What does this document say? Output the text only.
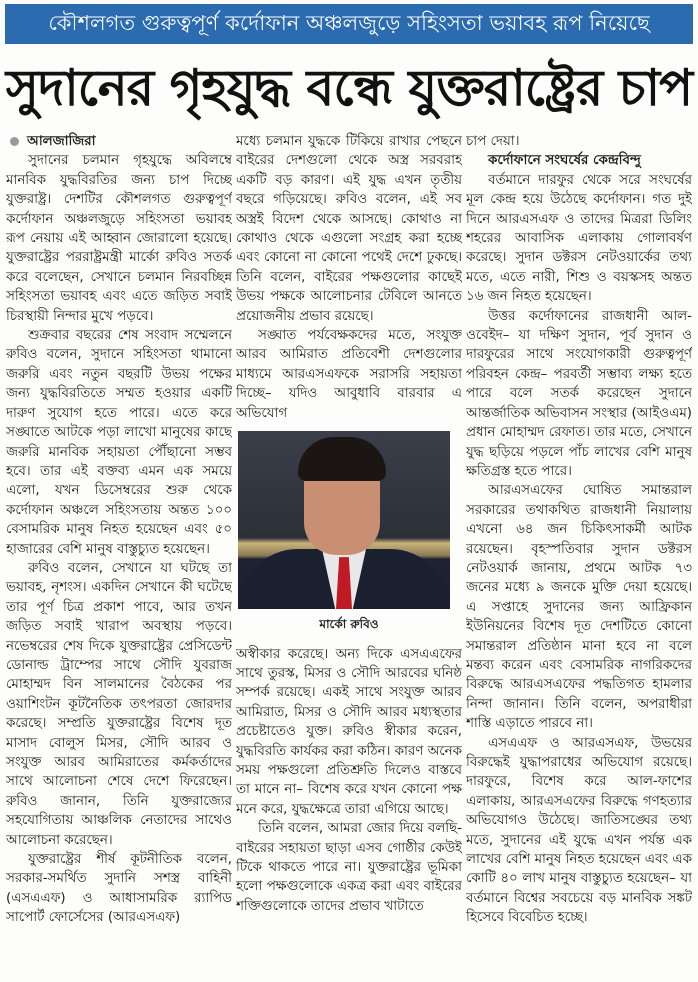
কৌশলগত গুরুত্বপূর্ণ কর্দোফান অঞ্চলজুড়ে সহিংসতা ভয়াবহ রূপ নিয়েছে
সুদানের গৃহযুদ্ধ বন্ধে যুক্তরাষ্ট্রের চাপ
আলজাজিরা

সুদানের চলমান গৃহযুদ্ধে অবিলম্বে মানবিক যুদ্ধবিরতির জন্য চাপ দিচ্ছে যুক্তরাষ্ট্র। দেশটির কৌশলগত গুরুত্বপূর্ণ কর্দোফান অঞ্চলজুড়ে সহিংসতা ভয়াবহ রূপ নেয়ায় এই আহ্বান জোরালো হয়েছে। যুক্তরাষ্ট্রের পররাষ্ট্রমন্ত্রী মার্কো রুবিও সতর্ক করে বলেছেন, সেখানে চলমান নিরবচ্ছিন্ন সহিংসতা ভয়াবহ এবং এতে জড়িত সবাই চিরস্থায়ী নিন্দার মুখে পড়বে।

শুক্রবার বছরের শেষ সংবাদ সম্মেলনে রুবিও বলেন, সুদানে সহিংসতা থামানো জরুরি এবং নতুন বছরটি উভয় পক্ষের জন্য যুদ্ধবিরতিতে সম্মত হওয়ার একটি দারুণ সুযোগ হতে পারে। এতে করে সঙ্ঘাতে আটকে পড়া লাখো মানুষের কাছে জরুরি মানবিক সহায়তা পৌঁছানো সম্ভব হবে। তার এই বক্তব্য এমন এক সময়ে এলো, যখন ডিসেম্বরের শুরু থেকে কর্দোফান অঞ্চলে সহিংসতায় অন্তত ১০০ বেসামরিক মানুষ নিহত হয়েছেন এবং ৫০ হাজারের বেশি মানুষ বাস্তুচ্যুত হয়েছেন।

রুবিও বলেন, সেখানে যা ঘটছে তা ভয়াবহ, নৃশংস। একদিন সেখানে কী ঘটেছে তার পূর্ণ চিত্র প্রকাশ পাবে, আর তখন জড়িত সবাই খারাপ অবস্থায় পড়বে। নভেম্বরের শেষ দিকে যুক্তরাষ্ট্রের প্রেসিডেন্ট ডোনাল্ড ট্রাম্পের সাথে সৌদি যুবরাজ মোহাম্মদ বিন সালমানের বৈঠকের পর ওয়াশিংটন কূটনৈতিক তৎপরতা জোরদার করেছে। সম্প্রতি যুক্তরাষ্ট্রের বিশেষ দূত মাসাদ বোলুস মিসর, সৌদি আরব ও সংযুক্ত আরব আমিরাতের কর্মকর্তাদের সাথে আলোচনা শেষে দেশে ফিরেছেন। রুবিও জানান, তিনি যুক্তরাজ্যের সহযোগিতায় আঞ্চলিক নেতাদের সাথেও আলোচনা করেছেন।

যুক্তরাষ্ট্রের শীর্ষ কূটনীতিক বলেন, সরকার-সমর্থিত সুদানি সশস্ত্র বাহিনী (এসএএফ) ও আধাসামরিক র‍্যাপিড সাপোর্ট ফোর্সেসের (আরএসএফ)

মধ্যে চলমান যুদ্ধকে টিকিয়ে রাখার পেছনে বাইরের দেশগুলো থেকে অস্ত্র সরবরাহ একটি বড় কারণ। এই যুদ্ধ এখন তৃতীয় বছরে গড়িয়েছে। রুবিও বলেন, এই সব অস্ত্রই বিদেশ থেকে আসছে। কোথাও না কোথাও থেকে এগুলো সংগ্রহ করা হচ্ছে এবং কোনো না কোনো পথেই দেশে ঢুকছে। তিনি বলেন, বাইরের পক্ষগুলোর কাছেই উভয় পক্ষকে আলোচনার টেবিলে আনতে প্রয়োজনীয় প্রভাব রয়েছে।

সঙ্ঘাত পর্যবেক্ষকদের মতে, সংযুক্ত আরব আমিরাত প্রতিবেশী দেশগুলোর মাধ্যমে আরএসএফকে সরাসরি সহায়তা দিচ্ছে– যদিও আবুধাবি বারবার এ অভিযোগ

মার্কো রুবিও

অস্বীকার করেছে। অন্য দিকে এসএএফের সাথে তুরস্ক, মিসর ও সৌদি আরবের ঘনিষ্ঠ সম্পর্ক রয়েছে। একই সাথে সংযুক্ত আরব আমিরাত, মিসর ও সৌদি আরব মধ্যস্থতার প্রচেষ্টাতেও যুক্ত। রুবিও স্বীকার করেন, যুদ্ধবিরতি কার্যকর করা কঠিন। কারণ অনেক সময় পক্ষগুলো প্রতিশ্রুতি দিলেও বাস্তবে তা মানে না– বিশেষ করে যখন কোনো পক্ষ মনে করে, যুদ্ধক্ষেত্রে তারা এগিয়ে আছে।

তিনি বলেন, আমরা জোর দিয়ে বলছি-বাইরের সহায়তা ছাড়া এসব গোষ্ঠীর কেউই টিকে থাকতে পারে না। যুক্তরাষ্ট্রের ভূমিকা হলো পক্ষগুলোকে একত্র করা এবং বাইরের শক্তিগুলোকে তাদের প্রভাব খাটাতে

চাপ দেয়া।

কর্দোফানে সংঘর্ষের কেন্দ্রবিন্দু

বর্তমানে দারফুর থেকে সরে সংঘর্ষের মূল কেন্দ্র হয়ে উঠেছে কর্দোফান। গত দুই দিনে আরএসএফ ও তাদের মিত্ররা ডিলিং শহরের আবাসিক এলাকায় গোলাবর্ষণ করেছে। সুদান ডক্টরস নেটওয়ার্কের তথ্য মতে, এতে নারী, শিশু ও বয়স্কসহ অন্তত ১৬ জন নিহত হয়েছেন।

উত্তর কর্দোফানের রাজধানী আল-ওবেইদ– যা দক্ষিণ সুদান, পূর্ব সুদান ও দারফুরের সাথে সংযোগকারী গুরুত্বপূর্ণ পরিবহন কেন্দ্র– পরবর্তী সম্ভাব্য লক্ষ্য হতে পারে বলে সতর্ক করেছেন সুদানে আন্তর্জাতিক অভিবাসন সংস্থার (আইওএম) প্রধান মোহাম্মদ রেফাত। তার মতে, সেখানে যুদ্ধ ছড়িয়ে পড়লে পাঁচ লাখের বেশি মানুষ ক্ষতিগ্রস্ত হতে পারে।

আরএসএফের ঘোষিত সমান্তরাল সরকারের তথাকথিত রাজধানী নিয়ালায় এখনো ৬৪ জন চিকিৎসাকর্মী আটক রয়েছেন। বৃহস্পতিবার সুদান ডক্টরস নেটওয়ার্ক জানায়, প্রথমে আটক ৭৩ জনের মধ্যে ৯ জনকে মুক্তি দেয়া হয়েছে। এ সপ্তাহে সুদানের জন্য আফ্রিকান ইউনিয়নের বিশেষ দূত দেশটিতে কোনো সমান্তরাল প্রতিষ্ঠান মানা হবে না বলে মন্তব্য করেন এবং বেসামরিক নাগরিকদের বিরুদ্ধে আরএসএফের পদ্ধতিগত হামলার নিন্দা জানান। তিনি বলেন, অপরাধীরা শাস্তি এড়াতে পারবে না।

এসএএফ ও আরএসএফ, উভয়ের বিরুদ্ধেই যুদ্ধাপরাধের অভিযোগ রয়েছে। দারফুরে, বিশেষ করে আল-ফাশের এলাকায়, আরএসএফের বিরুদ্ধে গণহত্যার অভিযোগও উঠেছে। জাতিসঙ্ঘের তথ্য মতে, সুদানের এই যুদ্ধে এখন পর্যন্ত এক লাখের বেশি মানুষ নিহত হয়েছেন এবং এক কোটি ৪০ লাখ মানুষ বাস্তুচ্যুত হয়েছেন– যা বর্তমানে বিশ্বের সবচেয়ে বড় মানবিক সঙ্কট হিসেবে বিবেচিত হচ্ছে।
